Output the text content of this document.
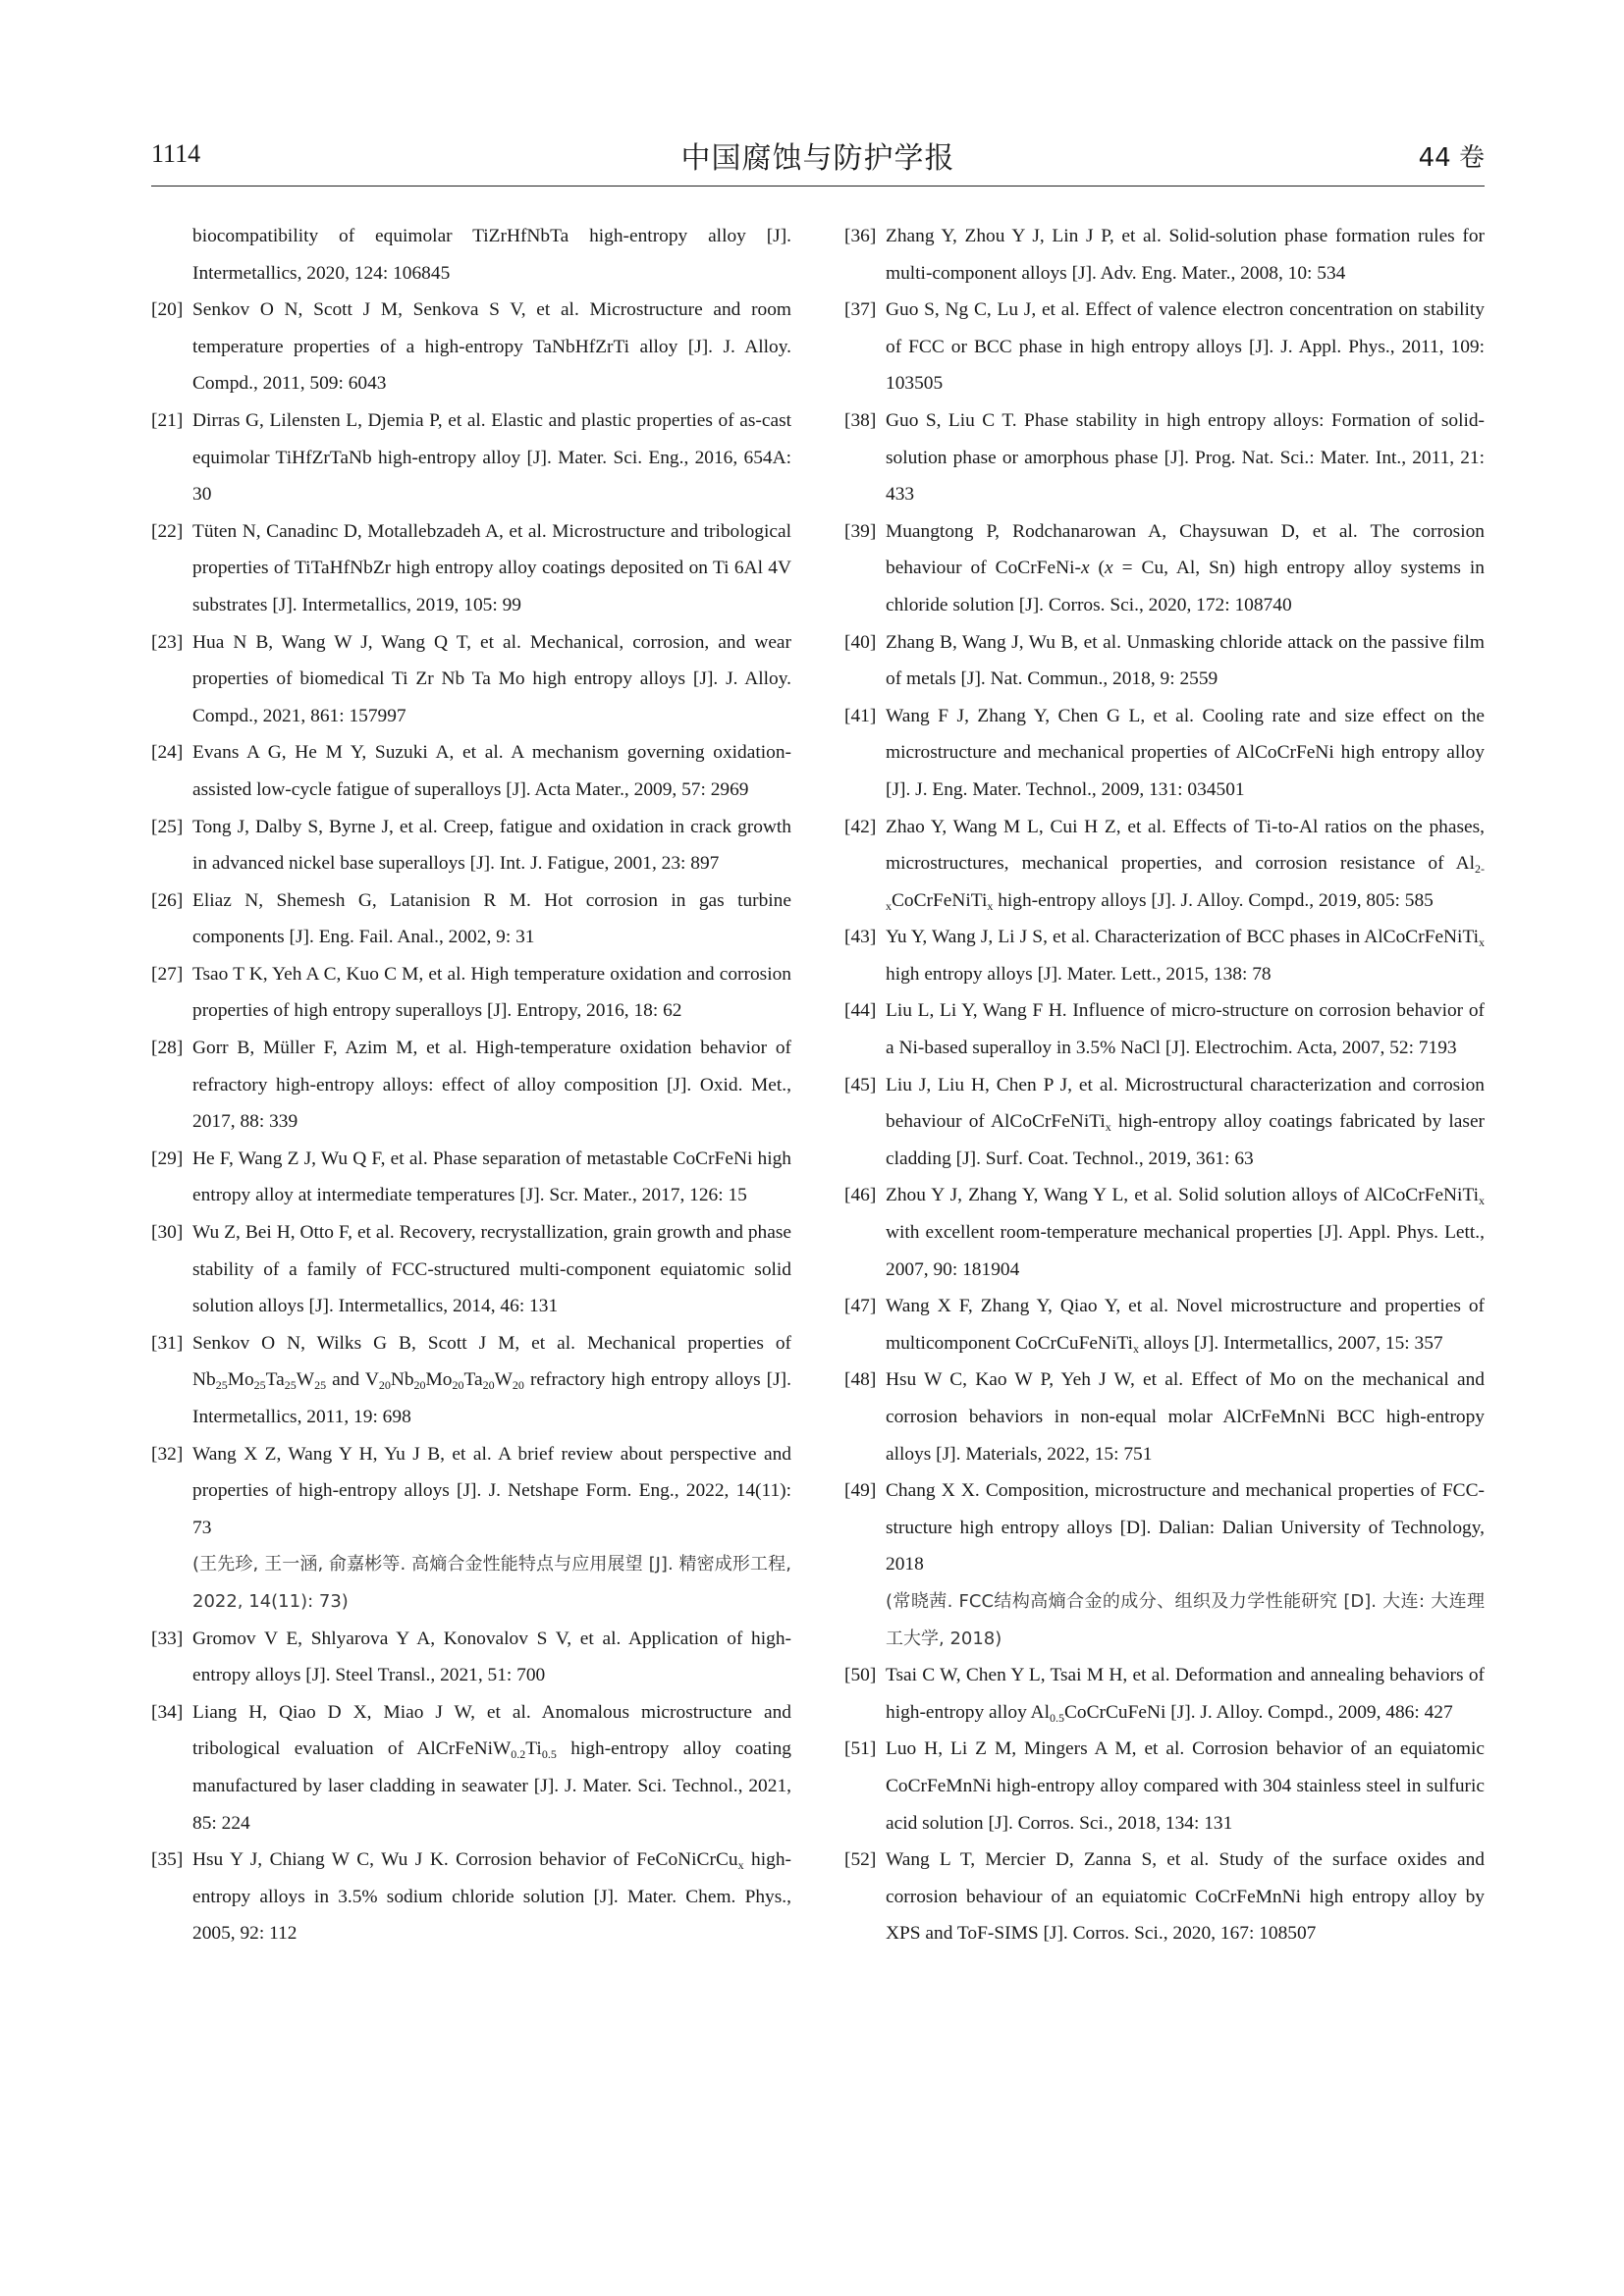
1114	中国腐蚀与防护学报	44 卷
biocompatibility of equimolar TiZrHfNbTa high-entropy alloy [J]. Intermetallics, 2020, 124: 106845
[20] Senkov O N, Scott J M, Senkova S V, et al. Microstructure and room temperature properties of a high-entropy TaNbHfZrTi alloy [J]. J. Alloy. Compd., 2011, 509: 6043
[21] Dirras G, Lilensten L, Djemia P, et al. Elastic and plastic properties of as-cast equimolar TiHfZrTaNb high-entropy alloy [J]. Mater. Sci. Eng., 2016, 654A: 30
[22] Tüten N, Canadinc D, Motallebzadeh A, et al. Microstructure and tribological properties of TiTaHfNbZr high entropy alloy coatings deposited on Ti 6Al 4V substrates [J]. Intermetallics, 2019, 105: 99
[23] Hua N B, Wang W J, Wang Q T, et al. Mechanical, corrosion, and wear properties of biomedical Ti Zr Nb Ta Mo high entropy alloys [J]. J. Alloy. Compd., 2021, 861: 157997
[24] Evans A G, He M Y, Suzuki A, et al. A mechanism governing oxidation-assisted low-cycle fatigue of superalloys [J]. Acta Mater., 2009, 57: 2969
[25] Tong J, Dalby S, Byrne J, et al. Creep, fatigue and oxidation in crack growth in advanced nickel base superalloys [J]. Int. J. Fatigue, 2001, 23: 897
[26] Eliaz N, Shemesh G, Latanision R M. Hot corrosion in gas turbine components [J]. Eng. Fail. Anal., 2002, 9: 31
[27] Tsao T K, Yeh A C, Kuo C M, et al. High temperature oxidation and corrosion properties of high entropy superalloys [J]. Entropy, 2016, 18: 62
[28] Gorr B, Müller F, Azim M, et al. High-temperature oxidation behavior of refractory high-entropy alloys: effect of alloy composition [J]. Oxid. Met., 2017, 88: 339
[29] He F, Wang Z J, Wu Q F, et al. Phase separation of metastable CoCrFeNi high entropy alloy at intermediate temperatures [J]. Scr. Mater., 2017, 126: 15
[30] Wu Z, Bei H, Otto F, et al. Recovery, recrystallization, grain growth and phase stability of a family of FCC-structured multi-component equiatomic solid solution alloys [J]. Intermetallics, 2014, 46: 131
[31] Senkov O N, Wilks G B, Scott J M, et al. Mechanical properties of $Nb_{25}Mo_{25}Ta_{25}W_{25}$ and $V_{20}Nb_{20}Mo_{20}Ta_{20}W_{20}$ refractory high entropy alloys [J]. Intermetallics, 2011, 19: 698
[32] Wang X Z, Wang Y H, Yu J B, et al. A brief review about perspective and properties of high-entropy alloys [J]. J. Netshape Form. Eng., 2022, 14(11): 73
(王先珍, 王一涵, 俞嘉彬等. 高熵合金性能特点与应用展望 [J]. 精密成形工程, 2022, 14(11): 73)
[33] Gromov V E, Shlyarova Y A, Konovalov S V, et al. Application of high-entropy alloys [J]. Steel Transl., 2021, 51: 700
[34] Liang H, Qiao D X, Miao J W, et al. Anomalous microstructure and tribological evaluation of $AlCrFeNiW_{0.2}Ti_{0.5}$ high-entropy alloy coating manufactured by laser cladding in seawater [J]. J. Mater. Sci. Technol., 2021, 85: 224
[35] Hsu Y J, Chiang W C, Wu J K. Corrosion behavior of FeCoNiCrCu$_x$ high-entropy alloys in 3.5% sodium chloride solution [J]. Mater. Chem. Phys., 2005, 92: 112
[36] Zhang Y, Zhou Y J, Lin J P, et al. Solid-solution phase formation rules for multi-component alloys [J]. Adv. Eng. Mater., 2008, 10: 534
[37] Guo S, Ng C, Lu J, et al. Effect of valence electron concentration on stability of FCC or BCC phase in high entropy alloys [J]. J. Appl. Phys., 2011, 109: 103505
[38] Guo S, Liu C T. Phase stability in high entropy alloys: Formation of solid-solution phase or amorphous phase [J]. Prog. Nat. Sci.: Mater. Int., 2011, 21: 433
[39] Muangtong P, Rodchanarowan A, Chaysuwan D, et al. The corrosion behaviour of CoCrFeNi-x (x = Cu, Al, Sn) high entropy alloy systems in chloride solution [J]. Corros. Sci., 2020, 172: 108740
[40] Zhang B, Wang J, Wu B, et al. Unmasking chloride attack on the passive film of metals [J]. Nat. Commun., 2018, 9: 2559
[41] Wang F J, Zhang Y, Chen G L, et al. Cooling rate and size effect on the microstructure and mechanical properties of AlCoCrFeNi high entropy alloy [J]. J. Eng. Mater. Technol., 2009, 131: 034501
[42] Zhao Y, Wang M L, Cui H Z, et al. Effects of Ti-to-Al ratios on the phases, microstructures, mechanical properties, and corrosion resistance of $Al_{2-x}CoCrFeNiTi_x$ high-entropy alloys [J]. J. Alloy. Compd., 2019, 805: 585
[43] Yu Y, Wang J, Li J S, et al. Characterization of BCC phases in AlCoCrFeNiTi$_x$ high entropy alloys [J]. Mater. Lett., 2015, 138: 78
[44] Liu L, Li Y, Wang F H. Influence of micro-structure on corrosion behavior of a Ni-based superalloy in 3.5% NaCl [J]. Electrochim. Acta, 2007, 52: 7193
[45] Liu J, Liu H, Chen P J, et al. Microstructural characterization and corrosion behaviour of AlCoCrFeNiTi$_x$ high-entropy alloy coatings fabricated by laser cladding [J]. Surf. Coat. Technol., 2019, 361: 63
[46] Zhou Y J, Zhang Y, Wang Y L, et al. Solid solution alloys of AlCoCrFeNiTi$_x$ with excellent room-temperature mechanical properties [J]. Appl. Phys. Lett., 2007, 90: 181904
[47] Wang X F, Zhang Y, Qiao Y, et al. Novel microstructure and properties of multicomponent CoCrCuFeNiTi$_x$ alloys [J]. Intermetallics, 2007, 15: 357
[48] Hsu W C, Kao W P, Yeh J W, et al. Effect of Mo on the mechanical and corrosion behaviors in non-equal molar AlCrFeMnNi BCC high-entropy alloys [J]. Materials, 2022, 15: 751
[49] Chang X X. Composition, microstructure and mechanical properties of FCC-structure high entropy alloys [D]. Dalian: Dalian University of Technology, 2018
(常晓茜. FCC结构高熵合金的成分、组织及力学性能研究 [D]. 大连: 大连理工大学, 2018)
[50] Tsai C W, Chen Y L, Tsai M H, et al. Deformation and annealing behaviors of high-entropy alloy $Al_{0.5}CoCrCuFeNi$ [J]. J. Alloy. Compd., 2009, 486: 427
[51] Luo H, Li Z M, Mingers A M, et al. Corrosion behavior of an equiatomic CoCrFeMnNi high-entropy alloy compared with 304 stainless steel in sulfuric acid solution [J]. Corros. Sci., 2018, 134: 131
[52] Wang L T, Mercier D, Zanna S, et al. Study of the surface oxides and corrosion behaviour of an equiatomic CoCrFeMnNi high entropy alloy by XPS and ToF-SIMS [J]. Corros. Sci., 2020, 167: 108507
